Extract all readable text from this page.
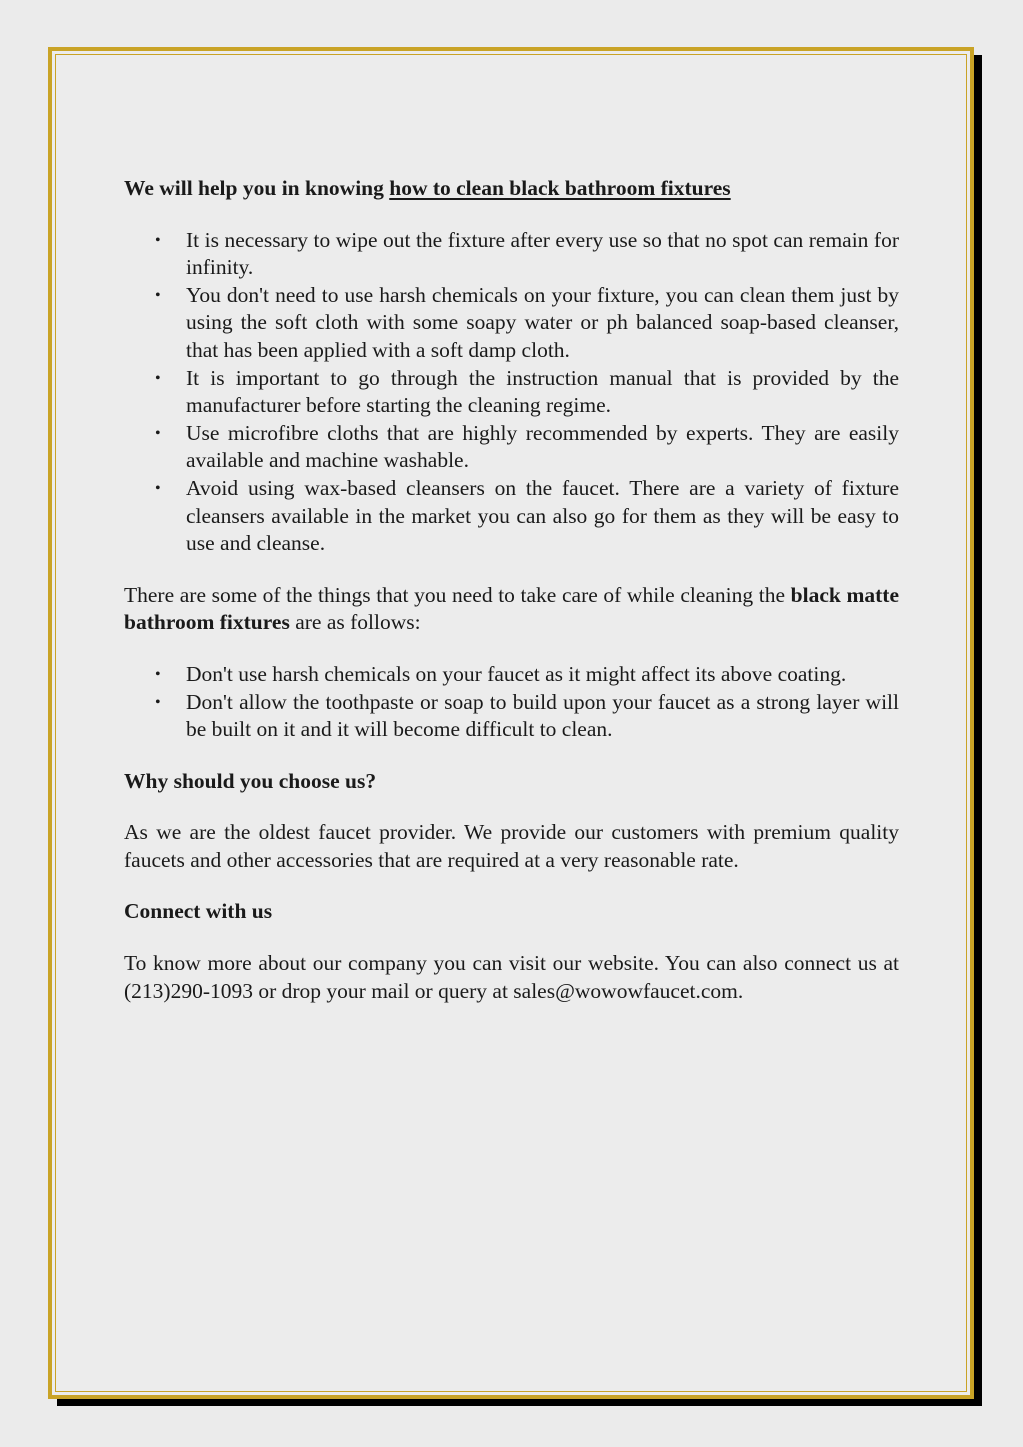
We will help you in knowing how to clean black bathroom fixtures

• It is necessary to wipe out the fixture after every use so that no spot can remain for infinity.
• You don't need to use harsh chemicals on your fixture, you can clean them just by using the soft cloth with some soapy water or ph balanced soap-based cleanser, that has been applied with a soft damp cloth.
• It is important to go through the instruction manual that is provided by the manufacturer before starting the cleaning regime.
• Use microfibre cloths that are highly recommended by experts. They are easily available and machine washable.
• Avoid using wax-based cleansers on the faucet. There are a variety of fixture cleansers available in the market you can also go for them as they will be easy to use and cleanse.

There are some of the things that you need to take care of while cleaning the black matte bathroom fixtures are as follows:

• Don't use harsh chemicals on your faucet as it might affect its above coating.
• Don't allow the toothpaste or soap to build upon your faucet as a strong layer will be built on it and it will become difficult to clean.

Why should you choose us?

As we are the oldest faucet provider. We provide our customers with premium quality faucets and other accessories that are required at a very reasonable rate.

Connect with us

To know more about our company you can visit our website. You can also connect us at (213)290-1093 or drop your mail or query at sales@wowowfaucet.com.
